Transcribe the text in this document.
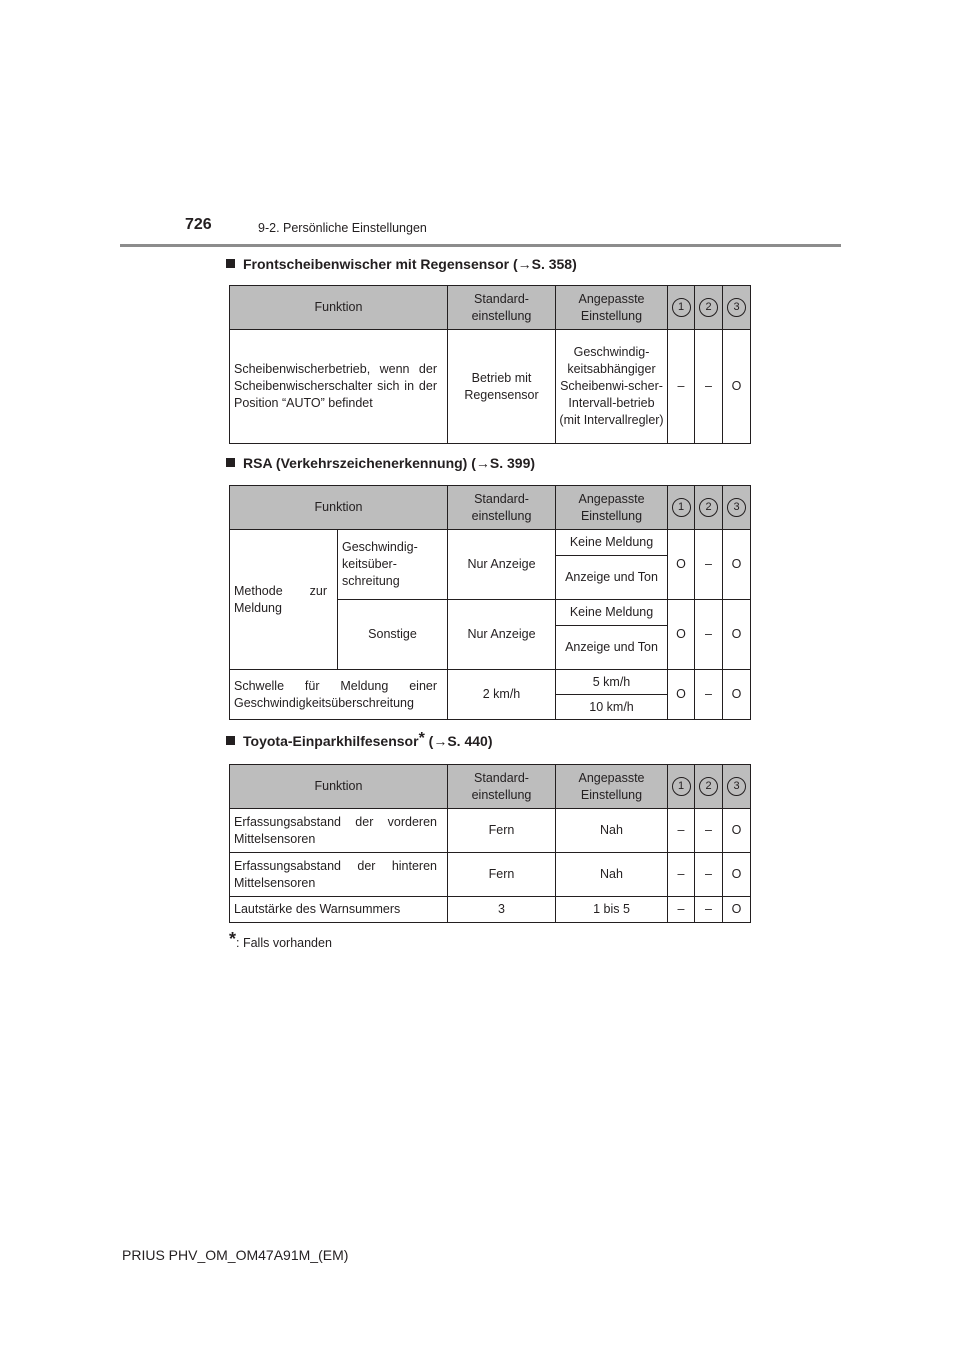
726	9-2. Persönliche Einstellungen
Frontscheibenwischer mit Regensensor (→S. 358)
Funktion	Standard-einstellung	Angepasste Einstellung	1	2	3
Scheibenwischerbetrieb, wenn der Scheibenwischerschalter sich in der Position “AUTO” befindet	Betrieb mit Regensensor	Geschwindig-keitsabhängiger Scheibenwi-scher-Intervall-betrieb (mit Intervallregler)	–	–	O
RSA (Verkehrszeichenerkennung) (→S. 399)
Funktion		Standard-einstellung	Angepasste Einstellung	1	2	3
Methode zur Meldung	Geschwindig-keitsüber-schreitung	Nur Anzeige	Keine Meldung	O	–	O
			Anzeige und Ton			
	Sonstige	Nur Anzeige	Keine Meldung	O	–	O
			Anzeige und Ton			
Schwelle für Meldung einer Geschwindigkeitsüberschreitung		2 km/h	5 km/h	O	–	O
			10 km/h			
Toyota-Einparkhilfesensor* (→S. 440)
Funktion	Standard-einstellung	Angepasste Einstellung	1	2	3
Erfassungsabstand der vorderen Mittelsensoren	Fern	Nah	–	–	O
Erfassungsabstand der hinteren Mittelsensoren	Fern	Nah	–	–	O
Lautstärke des Warnsummers	3	1 bis 5	–	–	O
*: Falls vorhanden
PRIUS PHV_OM_OM47A91M_(EM)
